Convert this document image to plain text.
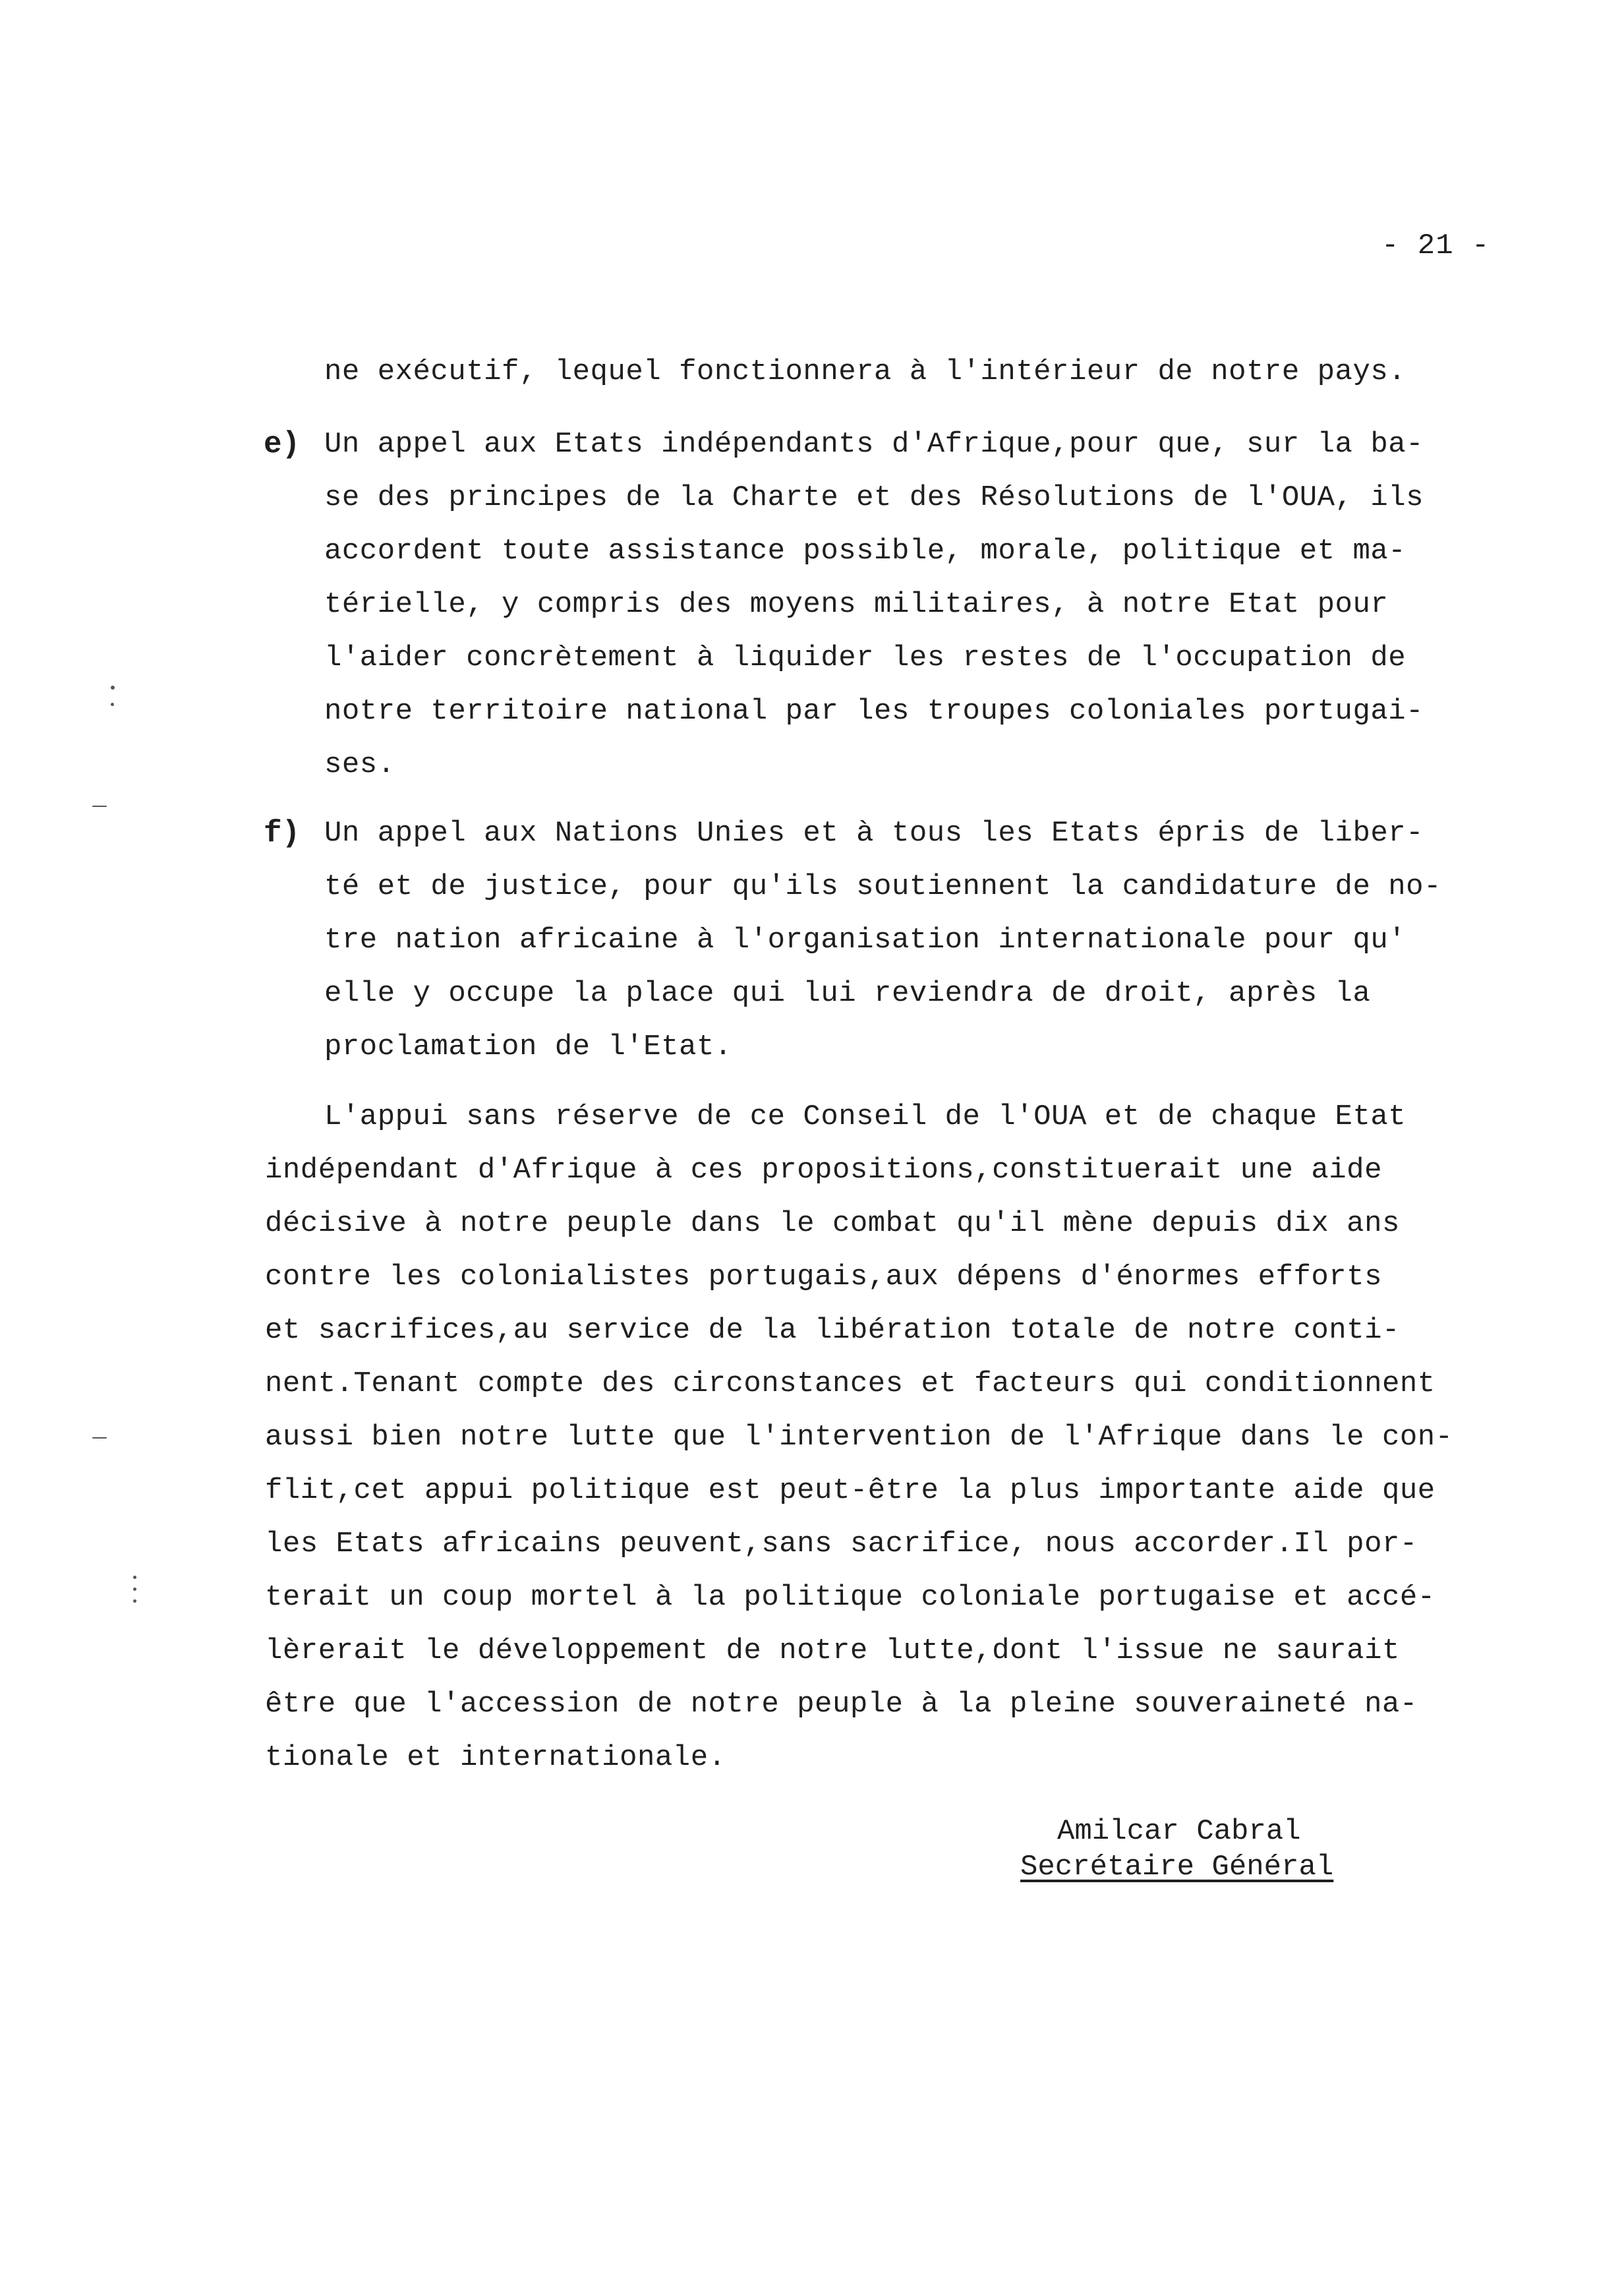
- 21 -
ne exécutif, lequel fonctionnera à l'intérieur de notre pays.
e) Un appel aux Etats indépendants d'Afrique,pour que, sur la ba-
se des principes de la Charte et des Résolutions de l'OUA, ils
accordent toute assistance possible, morale, politique et ma-
térielle, y compris des moyens militaires, à notre Etat pour
l'aider concrètement à liquider les restes de l'occupation de
notre territoire national par les troupes coloniales portugai-
ses.
f) Un appel aux Nations Unies et à tous les Etats épris de liber-
té et de justice, pour qu'ils soutiennent la candidature de no-
tre nation africaine à l'organisation internationale pour qu'
elle y occupe la place qui lui reviendra de droit, après la
proclamation de l'Etat.
L'appui sans réserve de ce Conseil de l'OUA et de chaque Etat
indépendant d'Afrique à ces propositions,constituerait une aide
décisive à notre peuple dans le combat qu'il mène depuis dix ans
contre les colonialistes portugais,aux dépens d'énormes efforts
et sacrifices,au service de la libération totale de notre conti-
nent.Tenant compte des circonstances et facteurs qui conditionnent
aussi bien notre lutte que l'intervention de l'Afrique dans le con-
flit,cet appui politique est peut-être la plus importante aide que
les Etats africains peuvent,sans sacrifice, nous accorder.Il por-
terait un coup mortel à la politique coloniale portugaise et accé-
lèrerait le développement de notre lutte,dont l'issue ne saurait
être que l'accession de notre peuple à la pleine souveraineté na-
tionale et internationale.
Amilcar Cabral
Secrétaire Général
